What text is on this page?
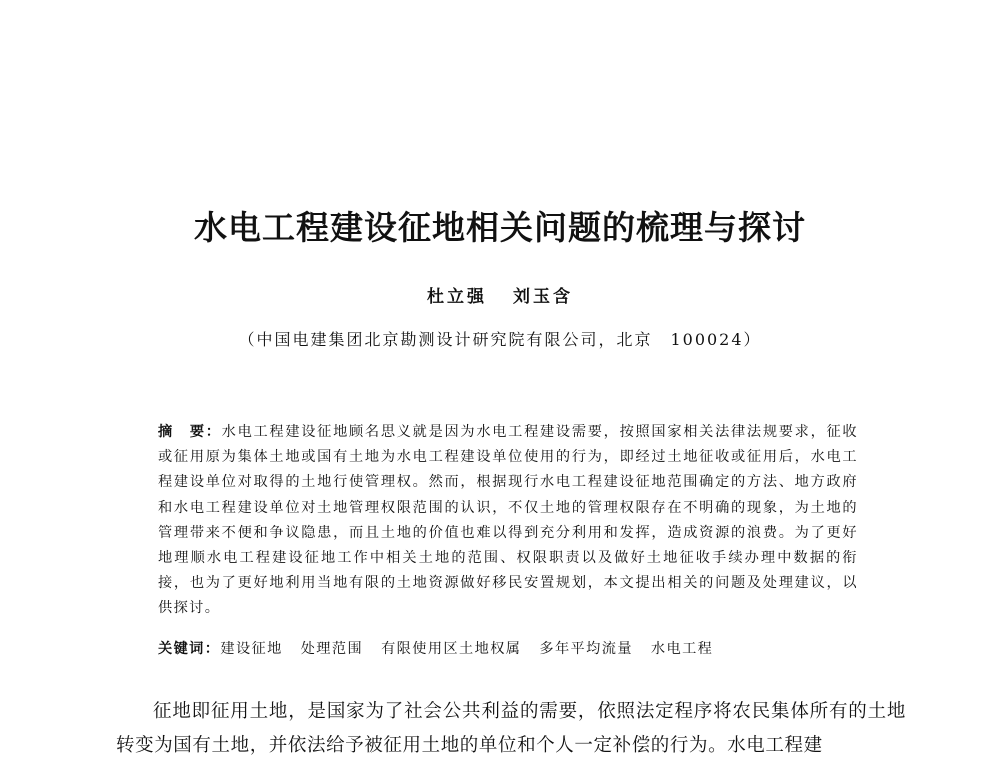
水电工程建设征地相关问题的梳理与探讨
杜立强 刘玉含
（中国电建集团北京勘测设计研究院有限公司，北京　100024）
摘　要：水电工程建设征地顾名思义就是因为水电工程建设需要，按照国家相关法律法规要求，征收或征用原为集体土地或国有土地为水电工程建设单位使用的行为，即经过土地征收或征用后，水电工程建设单位对取得的土地行使管理权。然而，根据现行水电工程建设征地范围确定的方法、地方政府和水电工程建设单位对土地管理权限范围的认识，不仅土地的管理权限存在不明确的现象，为土地的管理带来不便和争议隐患，而且土地的价值也难以得到充分利用和发挥，造成资源的浪费。为了更好地理顺水电工程建设征地工作中相关土地的范围、权限职责以及做好土地征收手续办理中数据的衔接，也为了更好地利用当地有限的土地资源做好移民安置规划，本文提出相关的问题及处理建议，以供探讨。
关键词：建设征地 处理范围 有限使用区土地权属 多年平均流量 水电工程

征地即征用土地，是国家为了社会公共利益的需要，依照法定程序将农民集体所有的土地转变为国有土地，并依法给予被征用土地的单位和个人一定补偿的行为。水电工程建
